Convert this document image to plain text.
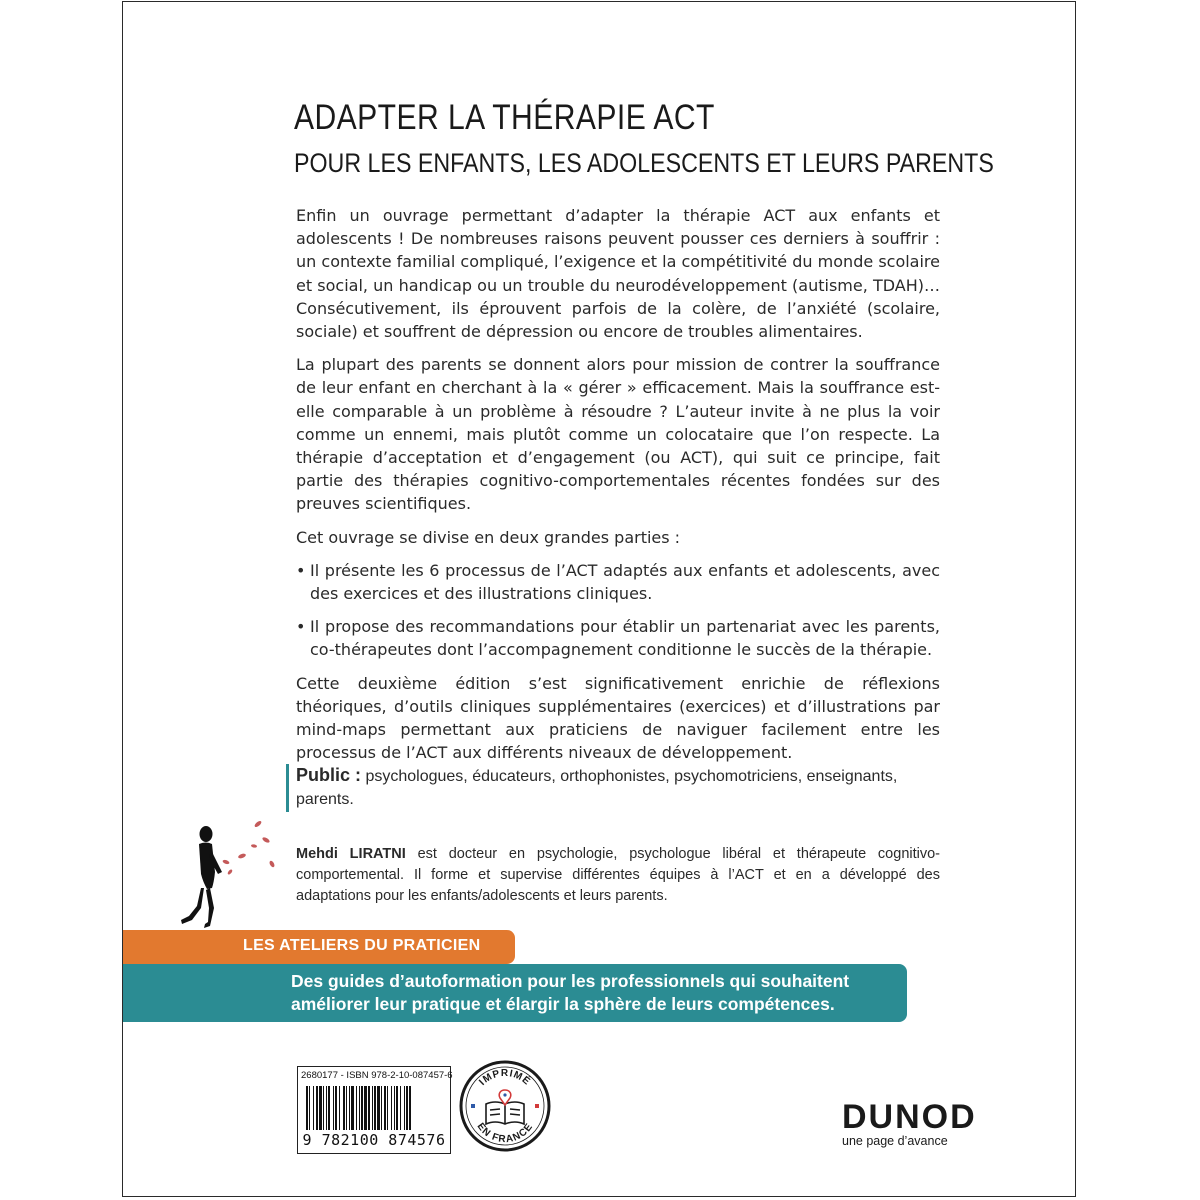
ADAPTER LA THÉRAPIE ACT
POUR LES ENFANTS, LES ADOLESCENTS ET LEURS PARENTS

Enfin un ouvrage permettant d’adapter la thérapie ACT aux enfants et adolescents ! De nombreuses raisons peuvent pousser ces derniers à souffrir : un contexte familial compliqué, l’exigence et la compétitivité du monde scolaire et social, un handicap ou un trouble du neurodéveloppement (autisme, TDAH)… Consécutivement, ils éprouvent parfois de la colère, de l’anxiété (scolaire, sociale) et souffrent de dépression ou encore de troubles alimentaires.

La plupart des parents se donnent alors pour mission de contrer la souffrance de leur enfant en cherchant à la « gérer » efficacement. Mais la souffrance est-elle comparable à un problème à résoudre ? L’auteur invite à ne plus la voir comme un ennemi, mais plutôt comme un colocataire que l’on respecte. La thérapie d’acceptation et d’engagement (ou ACT), qui suit ce principe, fait partie des thérapies cognitivo-comportementales récentes fondées sur des preuves scientifiques.

Cet ouvrage se divise en deux grandes parties :

• Il présente les 6 processus de l’ACT adaptés aux enfants et adolescents, avec des exercices et des illustrations cliniques.
• Il propose des recommandations pour établir un partenariat avec les parents, co-thérapeutes dont l’accompagnement conditionne le succès de la thérapie.

Cette deuxième édition s’est significativement enrichie de réflexions théoriques, d’outils cliniques supplémentaires (exercices) et d’illustrations par mind-maps permettant aux praticiens de naviguer facilement entre les processus de l’ACT aux différents niveaux de développement.

Public : psychologues, éducateurs, orthophonistes, psychomotriciens, enseignants, parents.
Mehdi LIRATNI est docteur en psychologie, psychologue libéral et thérapeute cognitivo-comportemental. Il forme et supervise différentes équipes à l’ACT et en a développé des adaptations pour les enfants/adolescents et leurs parents.
LES ATELIERS DU PRATICIEN
Des guides d’autoformation pour les professionnels qui souhaitent améliorer leur pratique et élargir la sphère de leurs compétences.
2680177 - ISBN 978-2-10-087457-6
9 782100 874576
IMPRIMÉ
EN FRANCE	DUNOD
une page d’avance
